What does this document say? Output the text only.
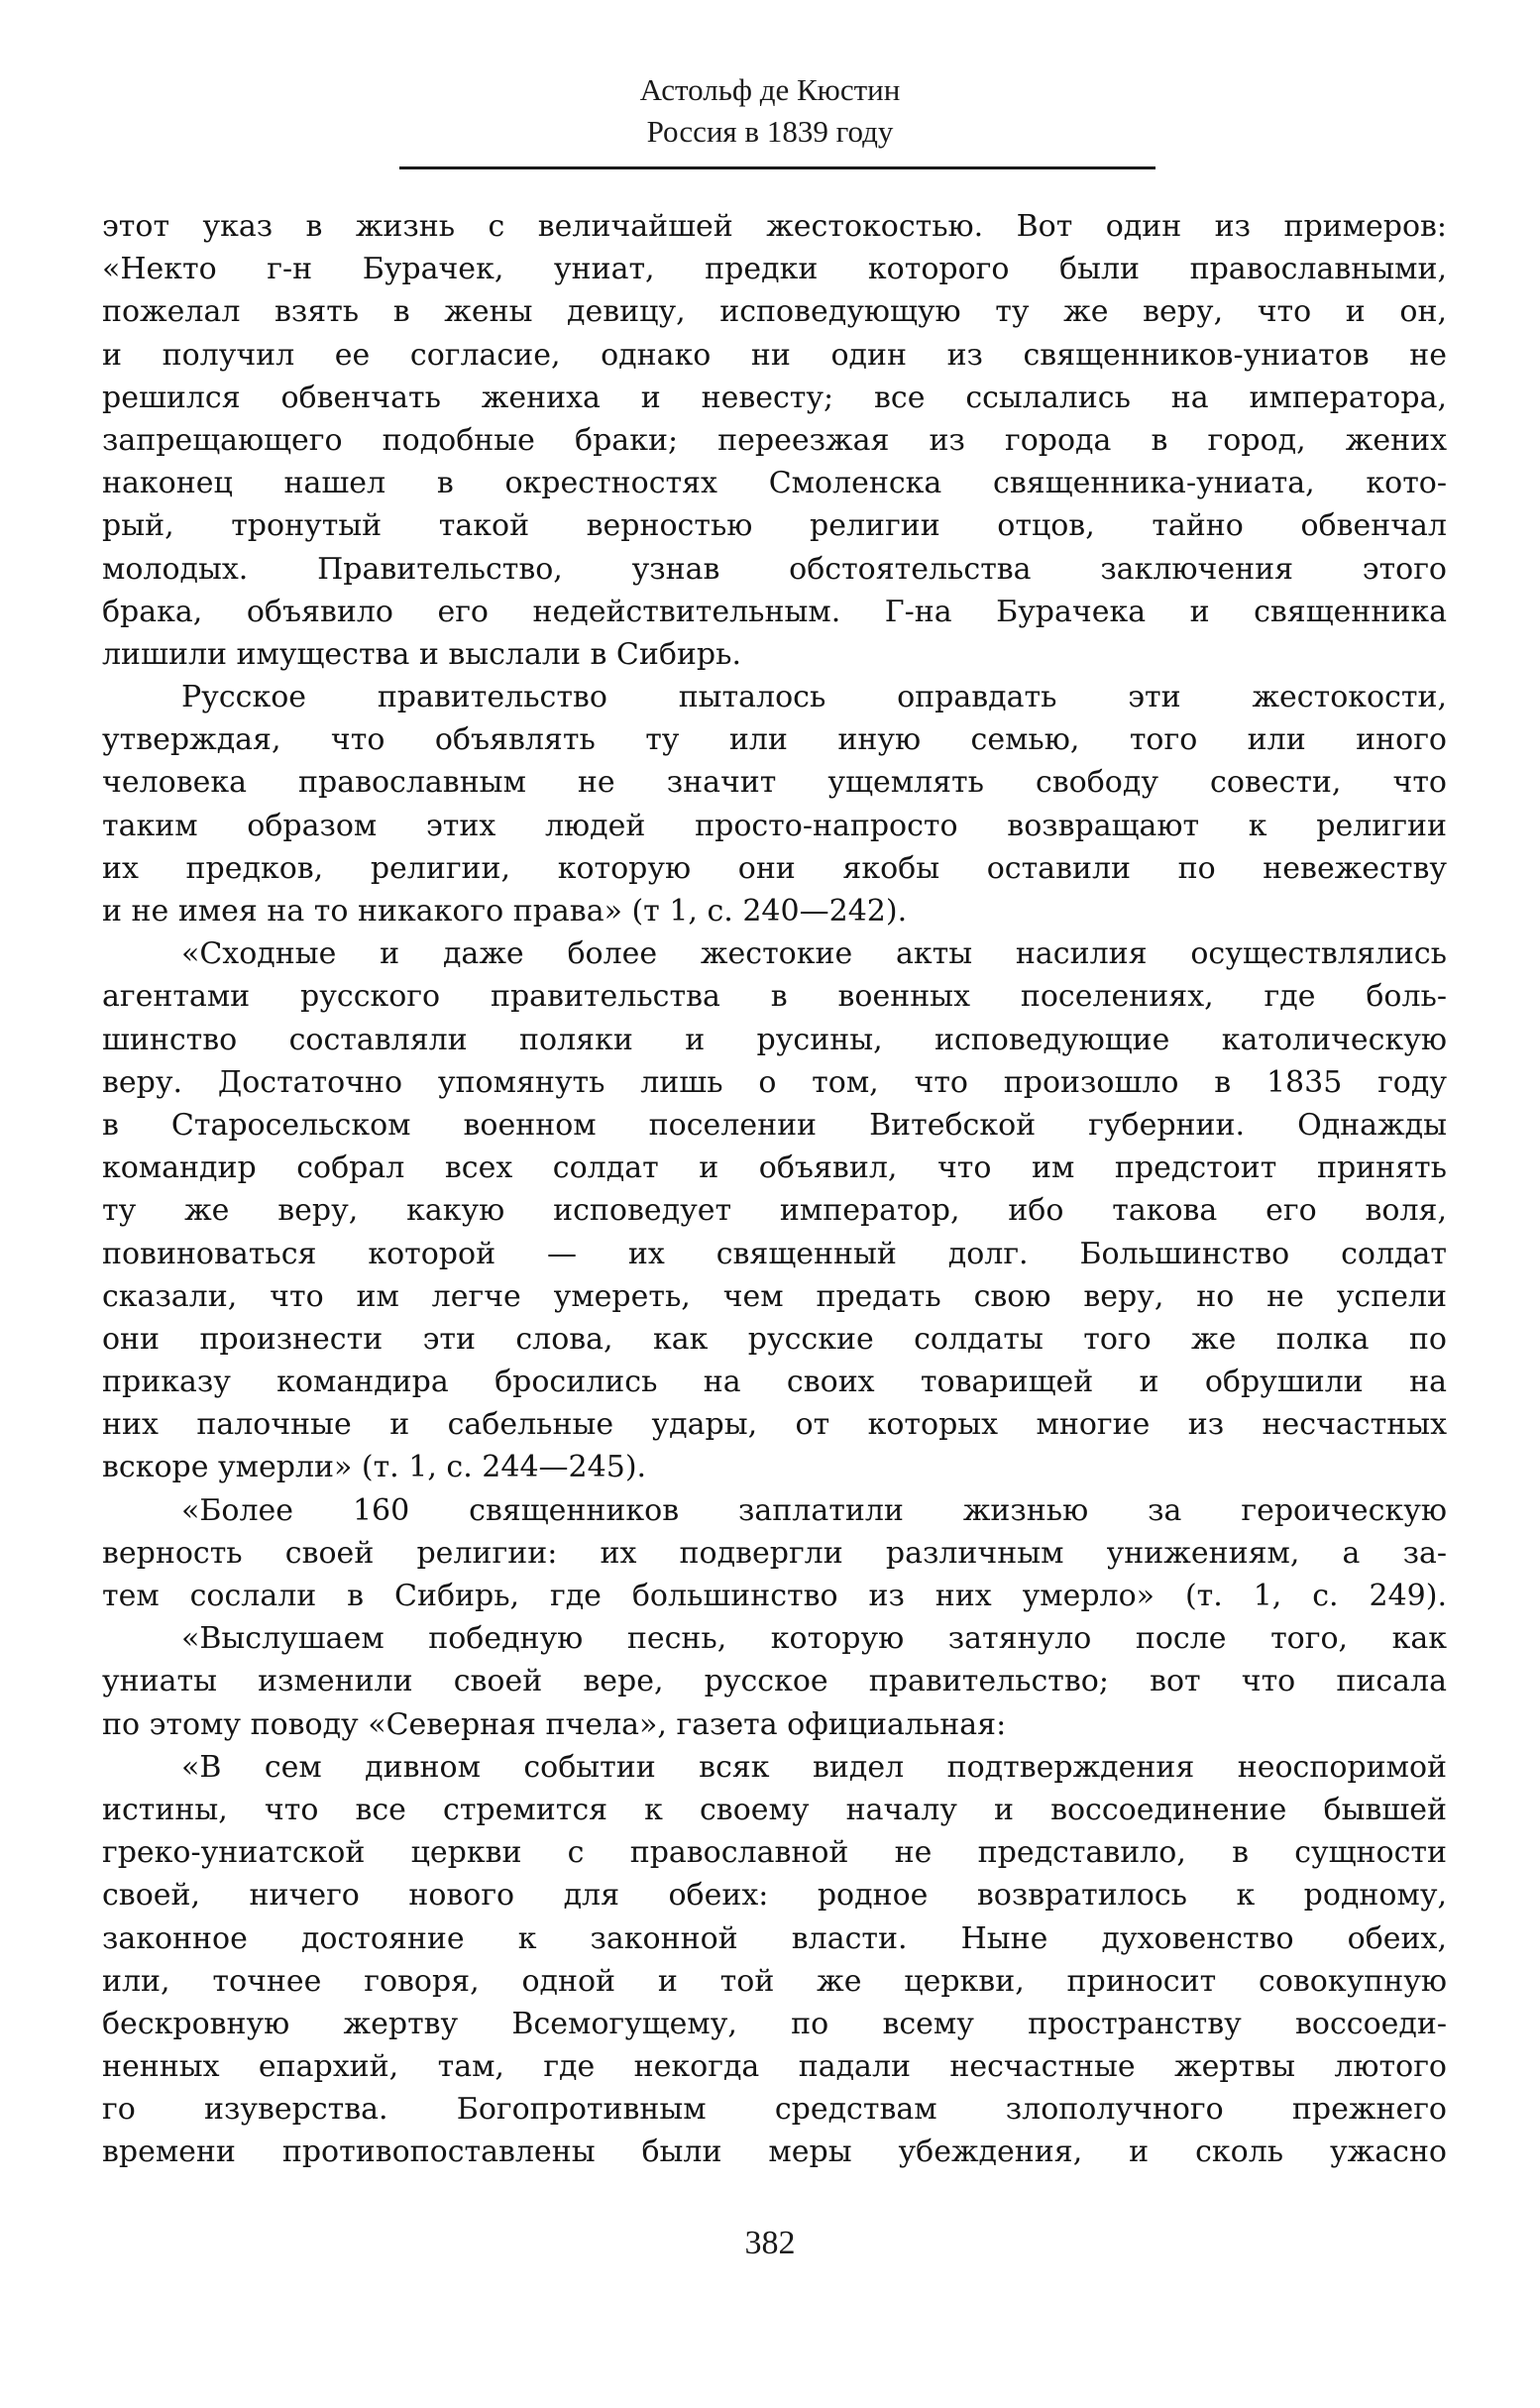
Астольф де Кюстин
Россия в 1839 году
этот указ в жизнь с величайшей жестокостью. Вот один из примеров:
«Некто г-н Бурачек, униат, предки которого были православными,
пожелал взять в жены девицу, исповедующую ту же веру, что и он,
и получил ее согласие, однако ни один из священников-униатов не
решился обвенчать жениха и невесту; все ссылались на императора,
запрещающего подобные браки; переезжая из города в город, жених
наконец нашел в окрестностях Смоленска священника-униата, кото-
рый, тронутый такой верностью религии отцов, тайно обвенчал
молодых. Правительство, узнав обстоятельства заключения этого
брака, объявило его недействительным. Г-на Бурачека и священника
лишили имущества и выслали в Сибирь.
Русское правительство пыталось оправдать эти жестокости,
утверждая, что объявлять ту или иную семью, того или иного
человека православным не значит ущемлять свободу совести, что
таким образом этих людей просто-напросто возвращают к религии
их предков, религии, которую они якобы оставили по невежеству
и не имея на то никакого права» (т 1, с. 240—242).
«Сходные и даже более жестокие акты насилия осуществлялись
агентами русского правительства в военных поселениях, где боль-
шинство составляли поляки и русины, исповедующие католическую
веру. Достаточно упомянуть лишь о том, что произошло в 1835 году
в Старосельском военном поселении Витебской губернии. Однажды
командир собрал всех солдат и объявил, что им предстоит принять
ту же веру, какую исповедует император, ибо такова его воля,
повиноваться которой — их священный долг. Большинство солдат
сказали, что им легче умереть, чем предать свою веру, но не успели
они произнести эти слова, как русские солдаты того же полка по
приказу командира бросились на своих товарищей и обрушили на
них палочные и сабельные удары, от которых многие из несчастных
вскоре умерли» (т. 1, с. 244—245).
«Более 160 священников заплатили жизнью за героическую
верность своей религии: их подвергли различным унижениям, а за-
тем сослали в Сибирь, где большинство из них умерло» (т. 1, с. 249).
«Выслушаем победную песнь, которую затянуло после того, как
униаты изменили своей вере, русское правительство; вот что писала
по этому поводу «Северная пчела», газета официальная:
«В сем дивном событии всяк видел подтверждения неоспоримой
истины, что все стремится к своему началу и воссоединение бывшей
греко-униатской церкви с православной не представило, в сущности
своей, ничего нового для обеих: родное возвратилось к родному,
законное достояние к законной власти. Ныне духовенство обеих,
или, точнее говоря, одной и той же церкви, приносит совокупную
бескровную жертву Всемогущему, по всему пространству воссоеди-
ненных епархий, там, где некогда падали несчастные жертвы лютого
го изуверства. Богопротивным средствам злополучного прежнего
времени противопоставлены были меры убеждения, и сколь ужасно
382
